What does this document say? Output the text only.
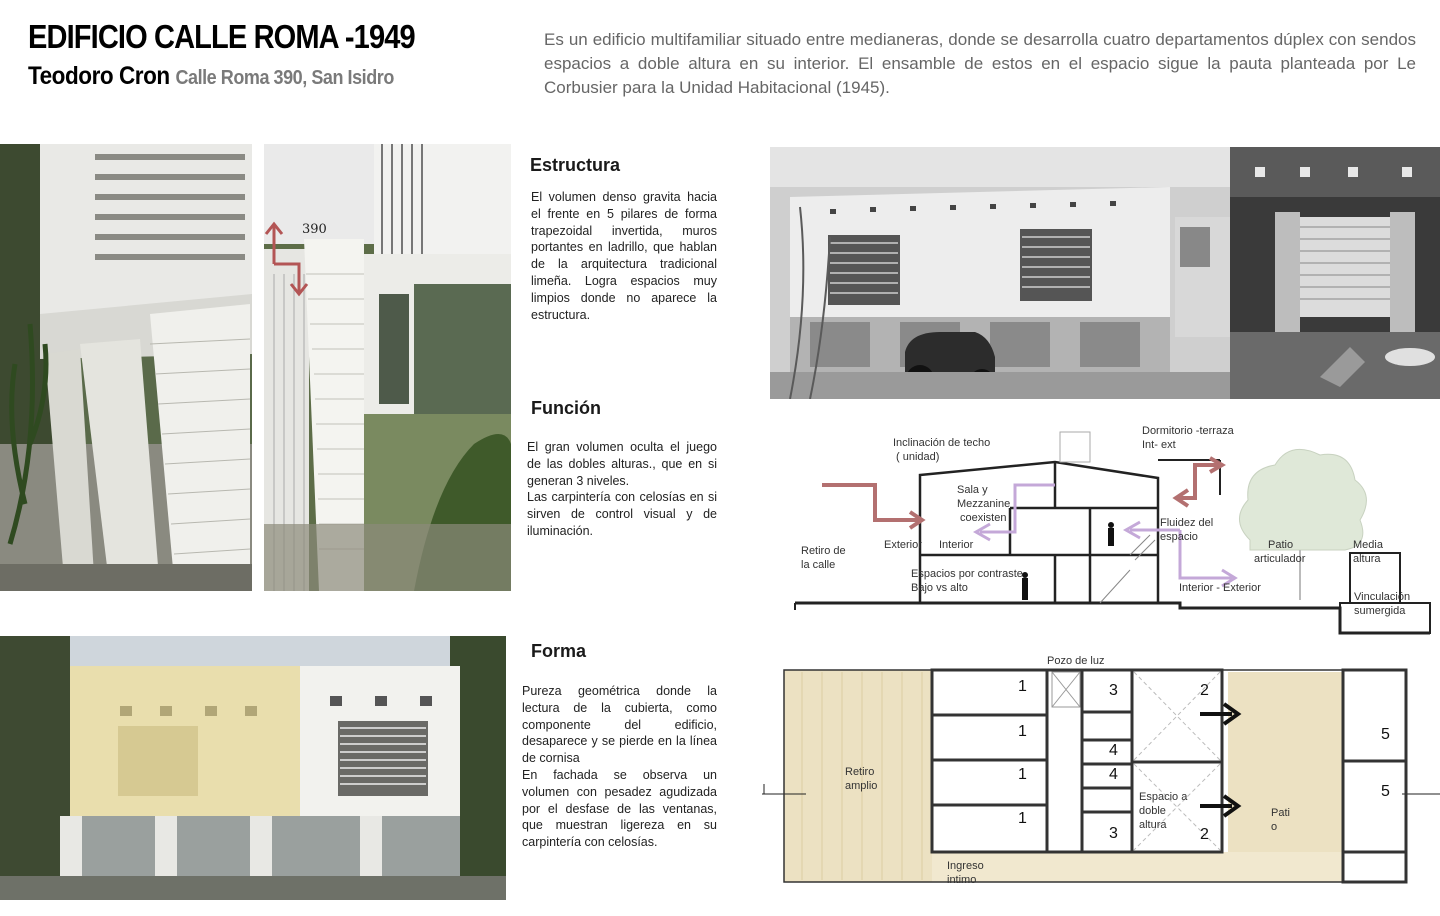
EDIFICIO CALLE ROMA -1949
Teodoro Cron Calle Roma 390, San Isidro
Es un edificio multifamiliar situado entre medianeras, donde se desarrolla cuatro departamentos dúplex con sendos espacios a doble altura en su interior. El ensamble de estos en el espacio sigue la pauta planteada por Le Corbusier para la Unidad Habitacional (1945).
390
Estructura
El volumen denso gravita hacia el frente en 5 pilares de forma trapezoidal invertida, muros portantes en ladrillo, que hablan de la arquitectura tradicional limeña. Logra espacios muy limpios donde no aparece la estructura.
Función
El gran volumen oculta el juego de las dobles alturas., que en si generan 3 niveles.
Las carpintería con celosías en si sirven de control visual y de iluminación.
Forma
Pureza geométrica donde la lectura de la cubierta, como componente del edificio, desaparece y se pierde en la línea de cornisa
En fachada se observa un volumen con pesadez agudizada por el desfase de las ventanas, que muestran ligereza en su carpintería con celosías.
Inclinación de techo
( unidad)
Dormitorio -terraza
Int- ext
Sala y
Mezzanine
coexisten	Fluidez del
espacio
Patio
articulador
Media
altura
Retiro de
la calle
Exterior Interior
Espacios por contraste
Bajo vs alto	Interior - Exterior
Vinculación
sumergida
Pozo de luz
Retiro
amplio
Espacio a
doble
altura
Pati
o
Ingreso
intimo
1
1
1
1
2
2
3
3
4
4
5
5
